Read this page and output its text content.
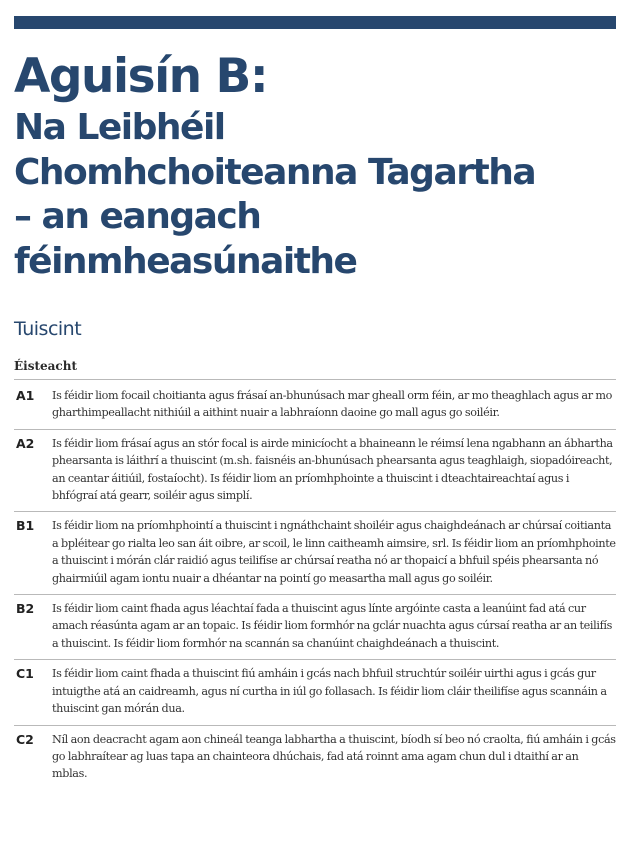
Aguisín B:
Na Leibhéil Chomhchoiteanna Tagartha – an eangach féinmheasúnaithe
Tuiscint
Éisteacht
A1	Is féidir liom focail choitianta agus frásaí an-bhunúsach mar gheall orm féin, ar mo theaghlach agus ar mo gharthimpeallacht nithiúil a aithint nuair a labhraíonn daoine go mall agus go soiléir.
A2	Is féidir liom frásaí agus an stór focal is airde minicíocht a bhaineann le réimsí lena ngabhann an ábhartha phearsanta is láithrí a thuiscint (m.sh. faisnéis an-bhunúsach phearsanta agus teaghlaigh, siopadóireacht, an ceantar áitiúil, fostaíocht). Is féidir liom an príomhphointe a thuiscint i dteachtaireachtaí agus i bhfógraí atá gearr, soiléir agus simplí.
B1	Is féidir liom na príomhphointí a thuiscint i ngnáthchaint shoiléir agus chaighdeánach ar chúrsaí coitianta a bpléitear go rialta leo san áit oibre, ar scoil, le linn caitheamh aimsire, srl. Is féidir liom an príomhphointe a thuiscint i mórán clár raidió agus teilifíse ar chúrsaí reatha nó ar thopaicí a bhfuil spéis phearsanta nó ghairmiúil agam iontu nuair a dhéantar na pointí go measartha mall agus go soiléir.
B2	Is féidir liom caint fhada agus léachtaí fada a thuiscint agus línte argóinte casta a leanúint fad atá cur amach réasúnta agam ar an topaic. Is féidir liom formhór na gclár nuachta agus cúrsaí reatha ar an teilifís a thuiscint. Is féidir liom formhór na scannán sa chanúint chaighdeánach a thuiscint.
C1	Is féidir liom caint fhada a thuiscint fiú amháin i gcás nach bhfuil struchtúr soiléir uirthi agus i gcás gur intuigthe atá an caidreamh, agus ní curtha in iúl go follasach. Is féidir liom cláir theilifíse agus scannáin a thuiscint gan mórán dua.
C2	Níl aon deacracht agam aon chineál teanga labhartha a thuiscint, bíodh sí beo nó craolta, fiú amháin i gcás go labhraítear ag luas tapa an chainteora dhúchais, fad atá roinnt ama agam chun dul i dtaithí ar an mblas.
